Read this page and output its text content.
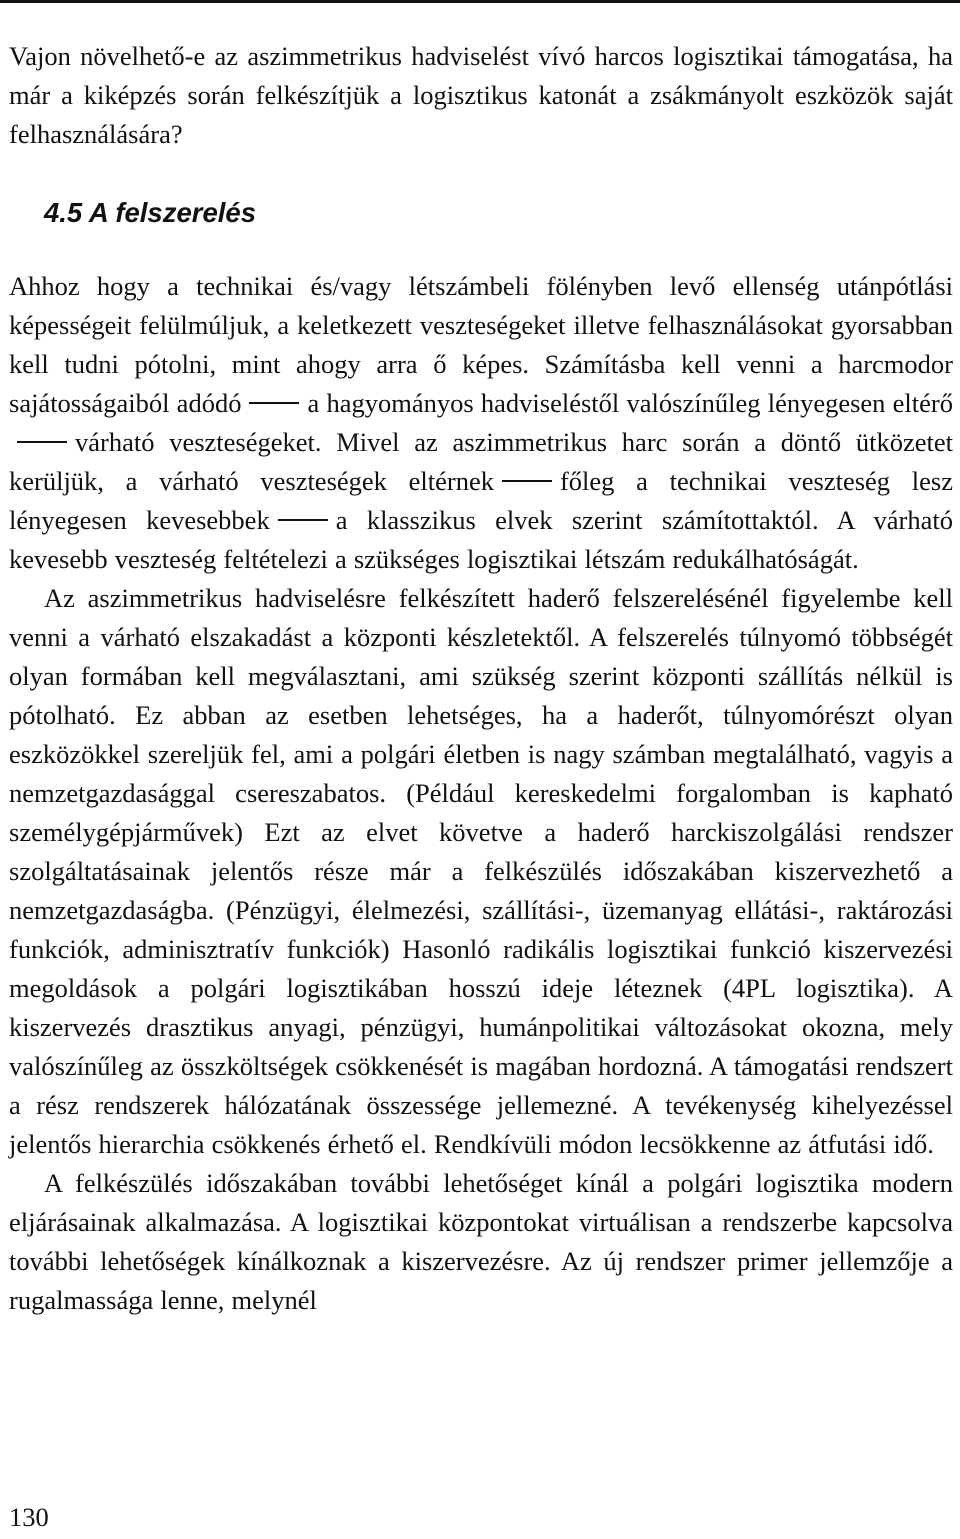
Vajon növelhető-e az aszimmetrikus hadviselést vívó harcos logisztikai támogatása, ha már a kiképzés során felkészítjük a logisztikus katonát a zsákmányolt eszközök saját felhasználására?

4.5 A felszerelés

Ahhoz hogy a technikai és/vagy létszámbeli fölényben levő ellenség utánpótlási képességeit felülmúljuk, a keletkezett veszteségeket illetve felhasználásokat gyorsabban kell tudni pótolni, mint ahogy arra ő képes. Számításba kell venni a harcmodor sajátosságaiból adódó a hagyományos hadviseléstől valószínűleg lényegesen eltérővárható veszteségeket. Mivel az aszimmetrikus harc során a döntő ütközetet kerüljük, a várható veszteségek eltérnek főleg a technikai veszteség lesz lényegesen kevesebbek a klasszikus elvek szerint számítottaktól. A várható kevesebb veszteség feltételezi a szükséges logisztikai létszám redukálhatóságát.

Az aszimmetrikus hadviselésre felkészített haderő felszerelésénél figyelembe kell venni a várható elszakadást a központi készletektől. A felszerelés túlnyomó többségét olyan formában kell megválasztani, ami szükség szerint központi szállítás nélkül is pótolható. Ez abban az esetben lehetséges, ha a haderőt, túlnyomórészt olyan eszközökkel szereljük fel, ami a polgári életben is nagy számban megtalálható, vagyis a nemzetgazdasággal csereszabatos. (Például kereskedelmi forgalomban is kapható személygépjárművek) Ezt az elvet követve a haderő harckiszolgálási rendszer szolgáltatásainak jelentős része már a felkészülés időszakában kiszervezhető a nemzetgazdaságba. (Pénzügyi, élelmezési, szállítási-, üzemanyag ellátási-, raktározási funkciók, adminisztratív funkciók) Hasonló radikális logisztikai funkció kiszervezési megoldások a polgári logisztikában hosszú ideje léteznek (4PL logisztika). A kiszervezés drasztikus anyagi, pénzügyi, humánpolitikai változásokat okozna, mely valószínűleg az összköltségek csökkenését is magában hordozná. A támogatási rendszert a rész rendszerek hálózatának összessége jellemezné. A tevékenység kihelyezéssel jelentős hierarchia csökkenés érhető el. Rendkívüli módon lecsökkenne az átfutási idő.

A felkészülés időszakában további lehetőséget kínál a polgári logisztika modern eljárásainak alkalmazása. A logisztikai központokat virtuálisan a rendszerbe kapcsolva további lehetőségek kínálkoznak a kiszervezésre. Az új rendszer primer jellemzője a rugalmassága lenne, melynél

130
